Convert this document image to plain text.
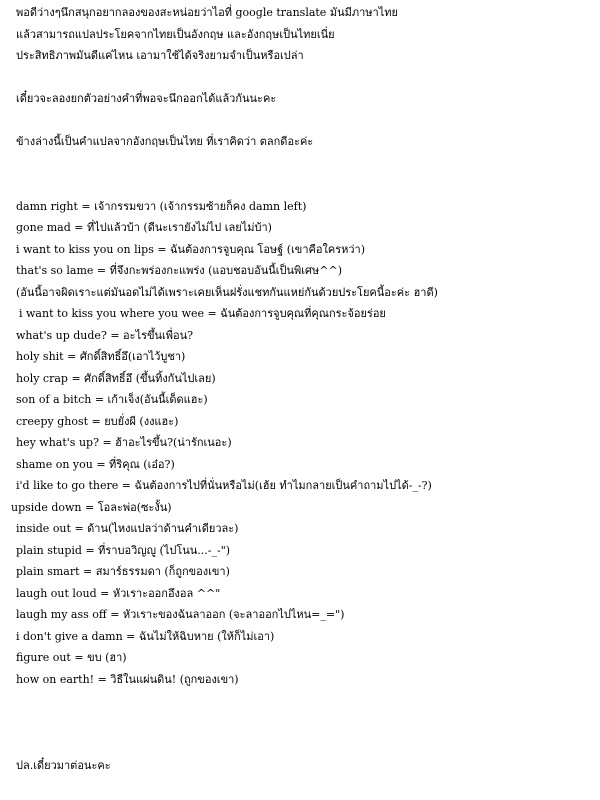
พอดีว่างๆนึกสนุกอยากลองของสะหน่อยว่าไอที่ google translate มันมีภาษาไทย
แล้วสามารถแปลประโยคจากไทยเป็นอังกฤษ และอังกฤษเป็นไทยเนี่ย
ประสิทธิภาพมันดีแค่ไหน เอามาใช้ได้จริงยามจำเป็นหรือเปล่า
เดี๋ยวจะลองยกตัวอย่างคำที่พอจะนึกออกได้แล้วกันนะคะ
ข้างล่างนี้เป็นคำแปลจากอังกฤษเป็นไทย ที่เราคิดว่า ตลกดีอะค่ะ
damn right = เจ้ากรรมขวา (เจ้ากรรมซ้ายก็คง damn left)
gone mad = ที่ไปแล้วบ้า (ดีนะเรายังไม่ไป เลยไม่บ้า)
i want to kiss you on lips = ฉันต้องการจูบคุณ โอษฐ์ (เขาคือใครหว่า)
that's so lame = ที่จึงกะพร่องกะแพร่ง (แอบชอบอันนี้เป็นพิเศษ^^)
(อันนี้อาจผิดเราะแต่มันอดไม่ได้เพราะเคยเห็นฝรั่งแชทกันแหย่กันด้วยประโยคนี้อะค่ะ ฮาดี)
i want to kiss you where you wee = ฉันต้องการจูบคุณที่คุณกระจ้อยร่อย
what's up dude? = อะไรขึ้นเพื่อน?
holy shit = ศักดิ์สิทธิ์อึ(เอาไว้บูชา)
holy crap = ศักดิ์สิทธิ์อึ (ขึ้นทิ้งกันไปเลย)
son of a bitch = เก้าเจ็ง(อันนี้เด็ดแฮะ)
creepy ghost = ยบยั่งผี (งงแฮะ)
hey what's up? = ฮ้าอะไรขึ้น?(น่ารักเนอะ)
shame on you = ที่ริคุณ (เอ๋อ?)
i'd like to go there = ฉันต้องการไปที่นั่นหรือไม่(เฮ้ย ทำไมกลายเป็นคำถามไปได้-_-?)
upside down = โอละพ่อ(ซะงั้น)
inside out = ด้าน(ไหงแปลว่าด้านคำเดียวละ)
plain stupid = ที่ราบอวิญญู (ไปโนน...-_-")
plain smart = สมาร์ธรรมดา (ก็ถูกของเขา)
laugh out loud = หัวเราะออกอึงอล ^^"
laugh my ass off = หัวเราะของฉันลาออก (จะลาออกไปไหน=_=")
i don't give a damn = ฉันไม่ให้ฉิบหาย (ให้ก็ไม่เอา)
figure out = ขบ (ฮา)
how on earth! = วิธีในแผ่นดิน! (ถูกของเขา)
ปล.เดี๋ยวมาต่อนะคะ
